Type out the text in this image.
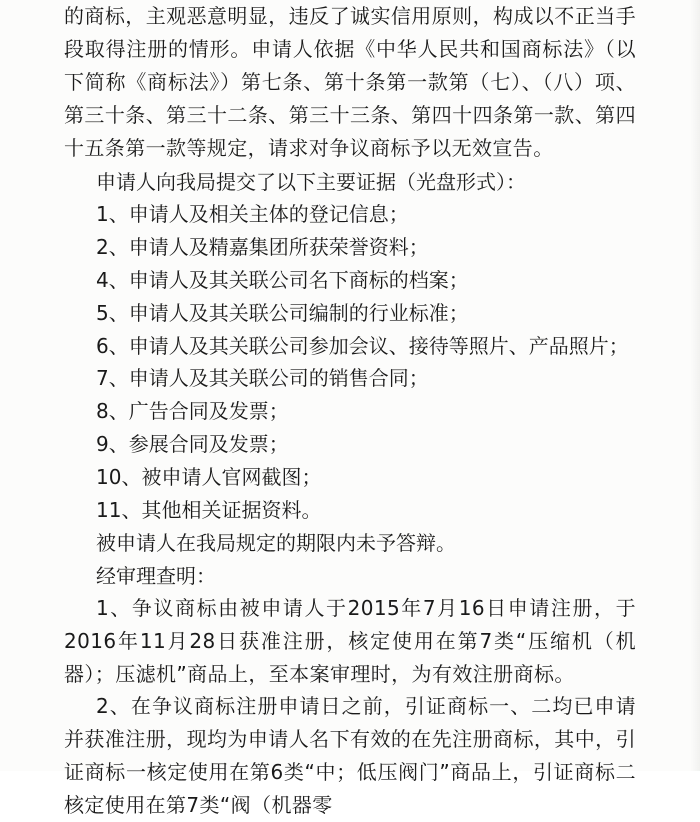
的商标，主观恶意明显，违反了诚实信用原则，构成以不正当手段取得注册的情形。申请人依据《中华人民共和国商标法》（以下简称《商标法》）第七条、第十条第一款第（七）、（八）项、第三十条、第三十二条、第三十三条、第四十四条第一款、第四十五条第一款等规定，请求对争议商标予以无效宣告。

申请人向我局提交了以下主要证据（光盘形式）：

1、申请人及相关主体的登记信息；

2、申请人及精嘉集团所获荣誉资料；

4、申请人及其关联公司名下商标的档案；

5、申请人及其关联公司编制的行业标准；

6、申请人及其关联公司参加会议、接待等照片、产品照片；

7、申请人及其关联公司的销售合同；

8、广告合同及发票；

9、参展合同及发票；

10、被申请人官网截图；

11、其他相关证据资料。

被申请人在我局规定的期限内未予答辩。

经审理查明：

1、争议商标由被申请人于2015年7月16日申请注册，于2016年11月28日获准注册，核定使用在第7类“压缩机（机器）；压滤机”商品上，至本案审理时，为有效注册商标。

2、在争议商标注册申请日之前，引证商标一、二均已申请并获准注册，现均为申请人名下有效的在先注册商标，其中，引证商标一核定使用在第6类“中；低压阀门”商品上，引证商标二核定使用在第7类“阀（机器零
